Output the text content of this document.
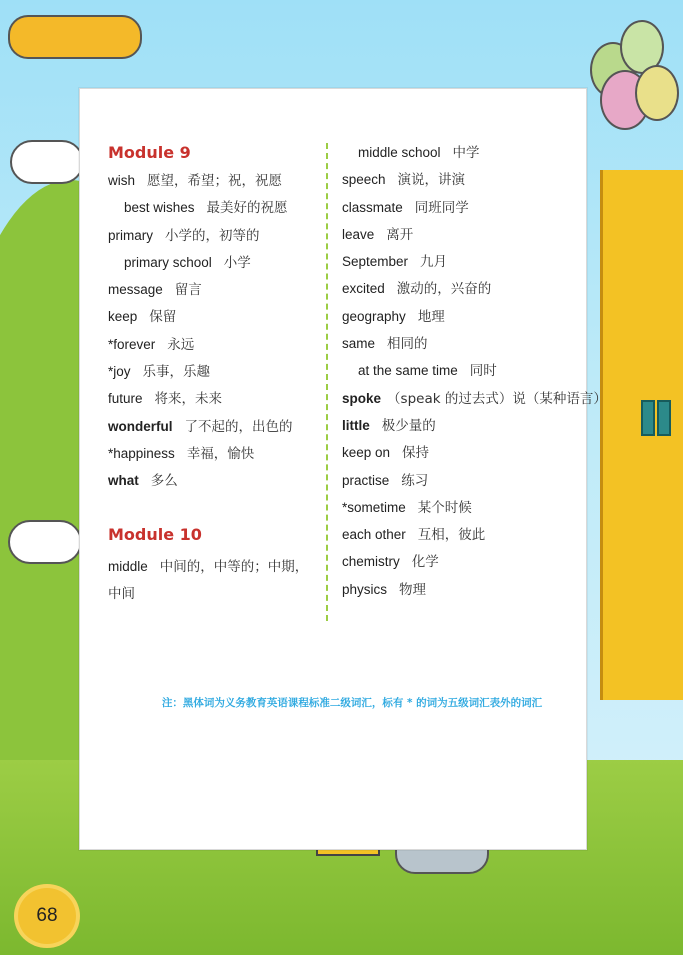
Module 9
wish 愿望，希望；祝，祝愿
best wishes 最美好的祝愿
primary 小学的，初等的
primary school 小学
message 留言
keep 保留
*forever 永远
*joy 乐事，乐趣
future 将来，未来
wonderful 了不起的，出色的
*happiness 幸福，愉快
what 多么
Module 10
middle 中间的，中等的；中期，中间
middle school 中学
speech 演说，讲演
classmate 同班同学
leave 离开
September 九月
excited 激动的，兴奋的
geography 地理
same 相同的
at the same time 同时
spoke （speak 的过去式）说（某种语言）
little 极少量的
keep on 保持
practise 练习
*sometime 某个时候
each other 互相，彼此
chemistry 化学
physics 物理
注：黑体词为义务教育英语课程标准二级词汇，标有 * 的词为五级词汇表外的词汇
68
